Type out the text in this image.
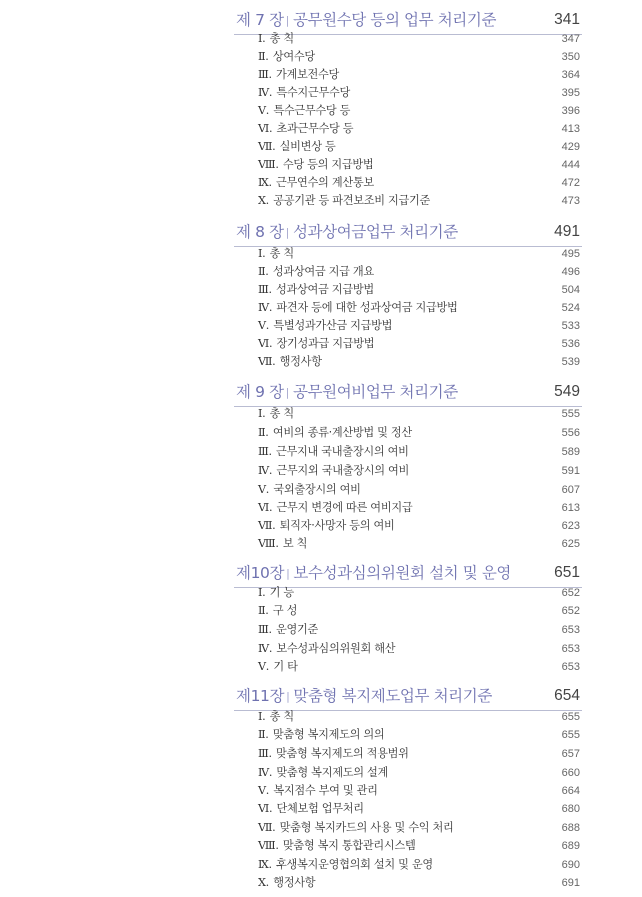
제 7 장 | 공무원수당 등의 업무 처리기준	341
Ⅰ. 총 칙	347
Ⅱ. 상여수당	350
Ⅲ. 가계보전수당	364
Ⅳ. 특수지근무수당	395
Ⅴ. 특수근무수당 등	396
Ⅵ. 초과근무수당 등	413
Ⅶ. 실비변상 등	429
Ⅷ. 수당 등의 지급방법	444
Ⅸ. 근무연수의 계산통보	472
Ⅹ. 공공기관 등 파견보조비 지급기준	473
제 8 장 | 성과상여금업무 처리기준	491
Ⅰ. 총 칙	495
Ⅱ. 성과상여금 지급 개요	496
Ⅲ. 성과상여금 지급방법	504
Ⅳ. 파견자 등에 대한 성과상여금 지급방법	524
Ⅴ. 특별성과가산금 지급방법	533
Ⅵ. 장기성과급 지급방법	536
Ⅶ. 행정사항	539
제 9 장 | 공무원여비업무 처리기준	549
Ⅰ. 총 칙	555
Ⅱ. 여비의 종류·계산방법 및 정산	556
Ⅲ. 근무지내 국내출장시의 여비	589
Ⅳ. 근무지외 국내출장시의 여비	591
Ⅴ. 국외출장시의 여비	607
Ⅵ. 근무지 변경에 따른 여비지급	613
Ⅶ. 퇴직자·사망자 등의 여비	623
Ⅷ. 보 칙	625
제10장 | 보수성과심의위원회 설치 및 운영	651
Ⅰ. 기 능	652
Ⅱ. 구 성	652
Ⅲ. 운영기준	653
Ⅳ. 보수성과심의위원회 해산	653
Ⅴ. 기 타	653
제11장 | 맞춤형 복지제도업무 처리기준	654
Ⅰ. 총 칙	655
Ⅱ. 맞춤형 복지제도의 의의	655
Ⅲ. 맞춤형 복지제도의 적용범위	657
Ⅳ. 맞춤형 복지제도의 설계	660
Ⅴ. 복지점수 부여 및 관리	664
Ⅵ. 단체보험 업무처리	680
Ⅶ. 맞춤형 복지카드의 사용 및 수익 처리	688
Ⅷ. 맞춤형 복지 통합관리시스템	689
Ⅸ. 후생복지운영협의회 설치 및 운영	690
Ⅹ. 행정사항	691
